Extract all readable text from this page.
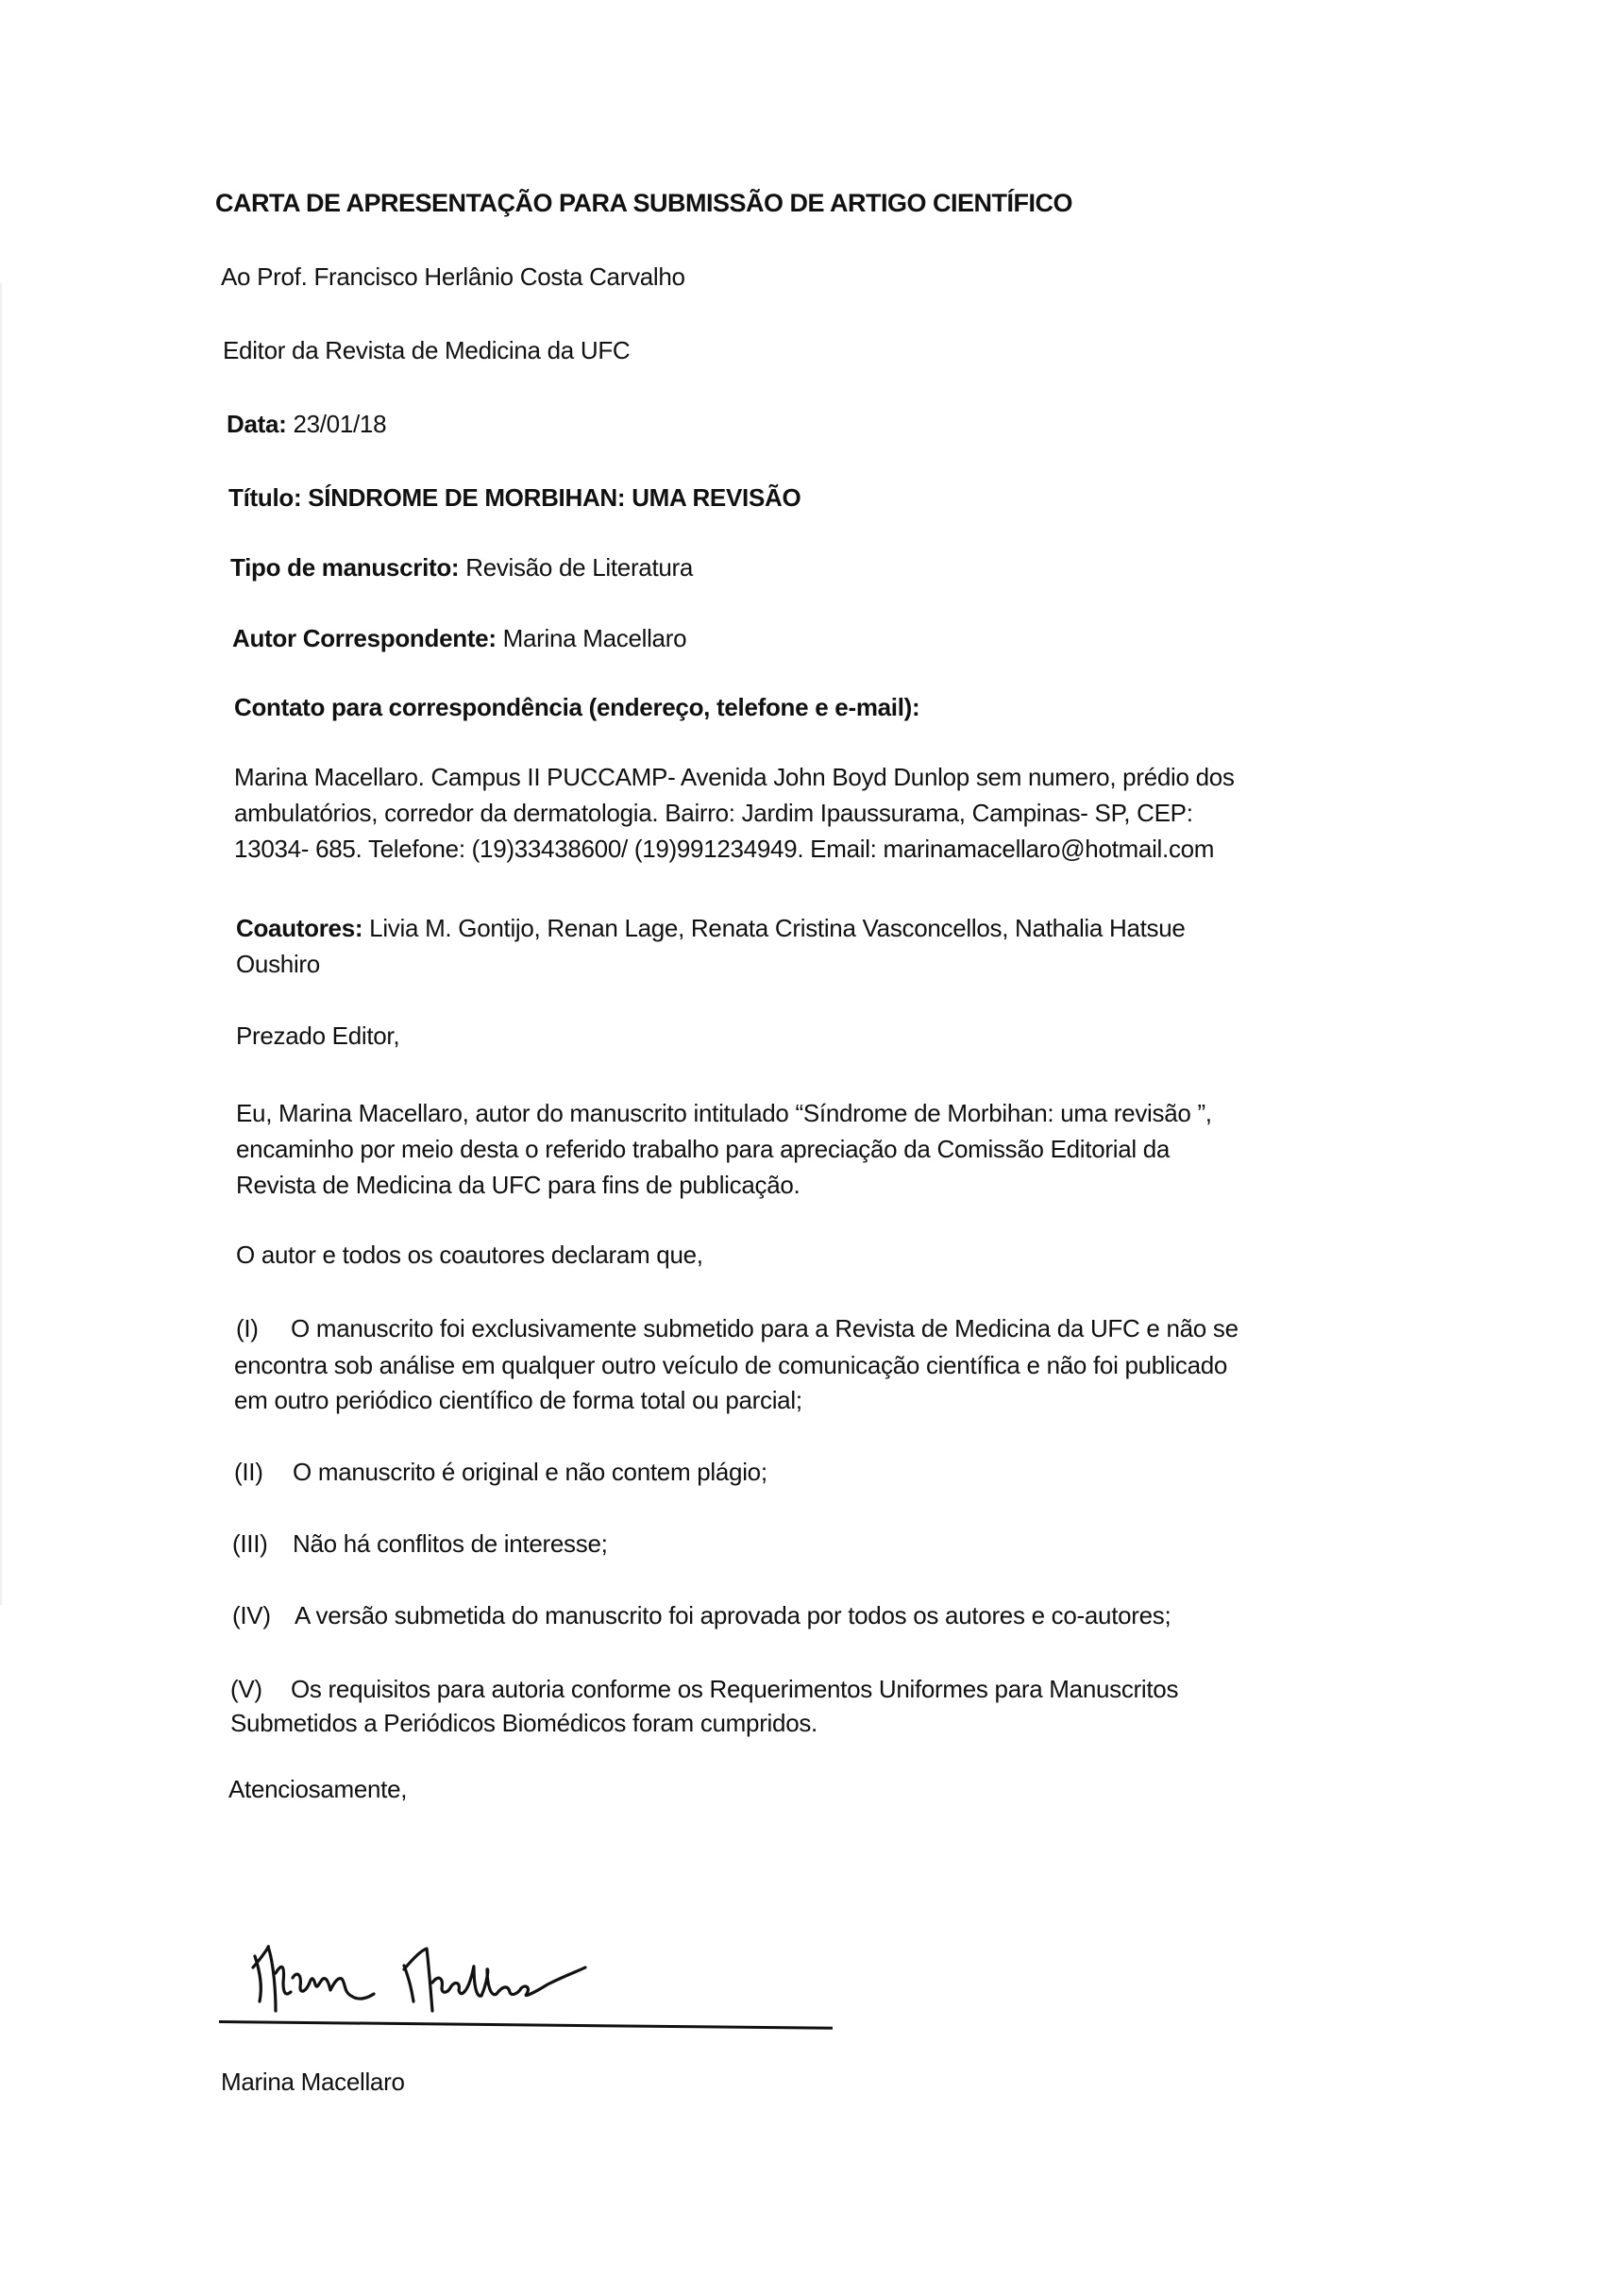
CARTA DE APRESENTAÇÃO PARA SUBMISSÃO DE ARTIGO CIENTÍFICO
Ao Prof. Francisco Herlânio Costa Carvalho
Editor da Revista de Medicina da UFC
Data: 23/01/18
Título: SÍNDROME DE MORBIHAN: UMA REVISÃO
Tipo de manuscrito: Revisão de Literatura
Autor Correspondente: Marina Macellaro
Contato para correspondência (endereço, telefone e e-mail):
Marina Macellaro. Campus II PUCCAMP- Avenida John Boyd Dunlop sem numero, prédio dos
ambulatórios, corredor da dermatologia. Bairro: Jardim Ipaussurama, Campinas- SP, CEP:
13034- 685. Telefone: (19)33438600/ (19)991234949. Email: marinamacellaro@hotmail.com
Coautores: Livia M. Gontijo, Renan Lage, Renata Cristina Vasconcellos, Nathalia Hatsue
Oushiro
Prezado Editor,
Eu, Marina Macellaro, autor do manuscrito intitulado “Síndrome de Morbihan: uma revisão ”,
encaminho por meio desta o referido trabalho para apreciação da Comissão Editorial da
Revista de Medicina da UFC para fins de publicação.
O autor e todos os coautores declaram que,
(I) O manuscrito foi exclusivamente submetido para a Revista de Medicina da UFC e não se
encontra sob análise em qualquer outro veículo de comunicação científica e não foi publicado
em outro periódico científico de forma total ou parcial;
(II) O manuscrito é original e não contem plágio;
(III) Não há conflitos de interesse;
(IV) A versão submetida do manuscrito foi aprovada por todos os autores e co-autores;
(V) Os requisitos para autoria conforme os Requerimentos Uniformes para Manuscritos
Submetidos a Periódicos Biomédicos foram cumpridos.
Atenciosamente,
Marina Macellaro
